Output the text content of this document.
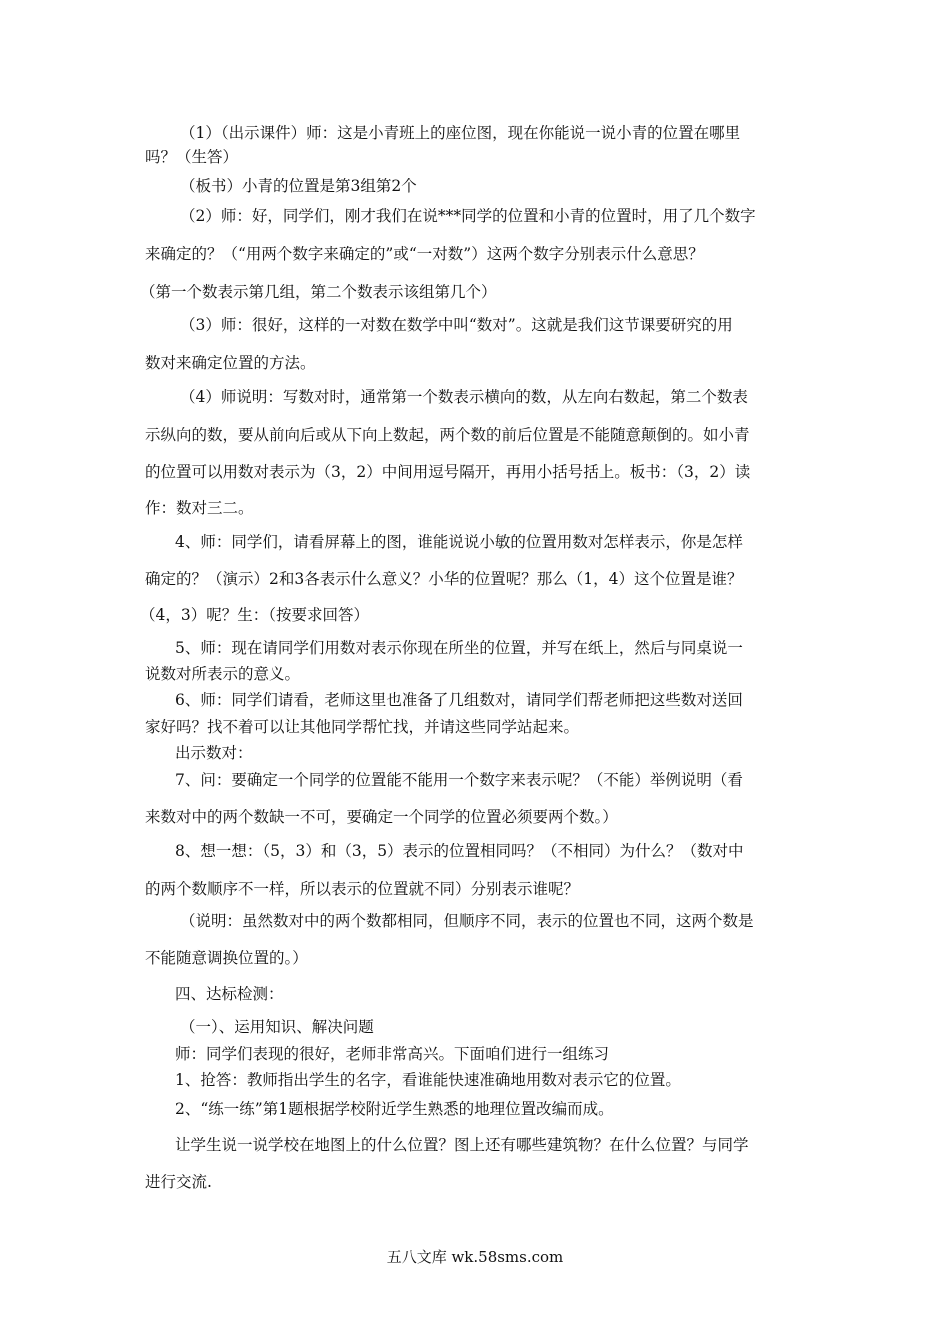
（1）（出示课件）师：这是小青班上的座位图，现在你能说一说小青的位置在哪里
吗？（生答）
（板书）小青的位置是第3组第2个
（2）师：好，同学们，刚才我们在说***同学的位置和小青的位置时，用了几个数字
来确定的？（“用两个数字来确定的”或“一对数”）这两个数字分别表示什么意思？
（第一个数表示第几组，第二个数表示该组第几个）
（3）师：很好，这样的一对数在数学中叫“数对”。这就是我们这节课要研究的用
数对来确定位置的方法。
（4）师说明：写数对时，通常第一个数表示横向的数，从左向右数起，第二个数表
示纵向的数，要从前向后或从下向上数起，两个数的前后位置是不能随意颠倒的。如小青
的位置可以用数对表示为（3，2）中间用逗号隔开，再用小括号括上。板书：（3，2）读
作：数对三二。
4、师：同学们，请看屏幕上的图，谁能说说小敏的位置用数对怎样表示，你是怎样
确定的？（演示）2和3各表示什么意义？小华的位置呢？那么（1，4）这个位置是谁？
（4，3）呢？生：（按要求回答）
5、师：现在请同学们用数对表示你现在所坐的位置，并写在纸上，然后与同桌说一
说数对所表示的意义。
6、师：同学们请看，老师这里也准备了几组数对，请同学们帮老师把这些数对送回
家好吗？找不着可以让其他同学帮忙找，并请这些同学站起来。
出示数对：
7、问：要确定一个同学的位置能不能用一个数字来表示呢？（不能）举例说明（看
来数对中的两个数缺一不可，要确定一个同学的位置必须要两个数。）
8、想一想：（5，3）和（3，5）表示的位置相同吗？（不相同）为什么？（数对中
的两个数顺序不一样，所以表示的位置就不同）分别表示谁呢？
（说明：虽然数对中的两个数都相同，但顺序不同，表示的位置也不同，这两个数是
不能随意调换位置的。）
四、达标检测：
（一）、运用知识、解决问题
师：同学们表现的很好，老师非常高兴。下面咱们进行一组练习
1、抢答：教师指出学生的名字，看谁能快速准确地用数对表示它的位置。
2、“练一练”第1题根据学校附近学生熟悉的地理位置改编而成。
让学生说一说学校在地图上的什么位置？图上还有哪些建筑物？在什么位置？与同学
进行交流.
五八文库 wk.58sms.com
